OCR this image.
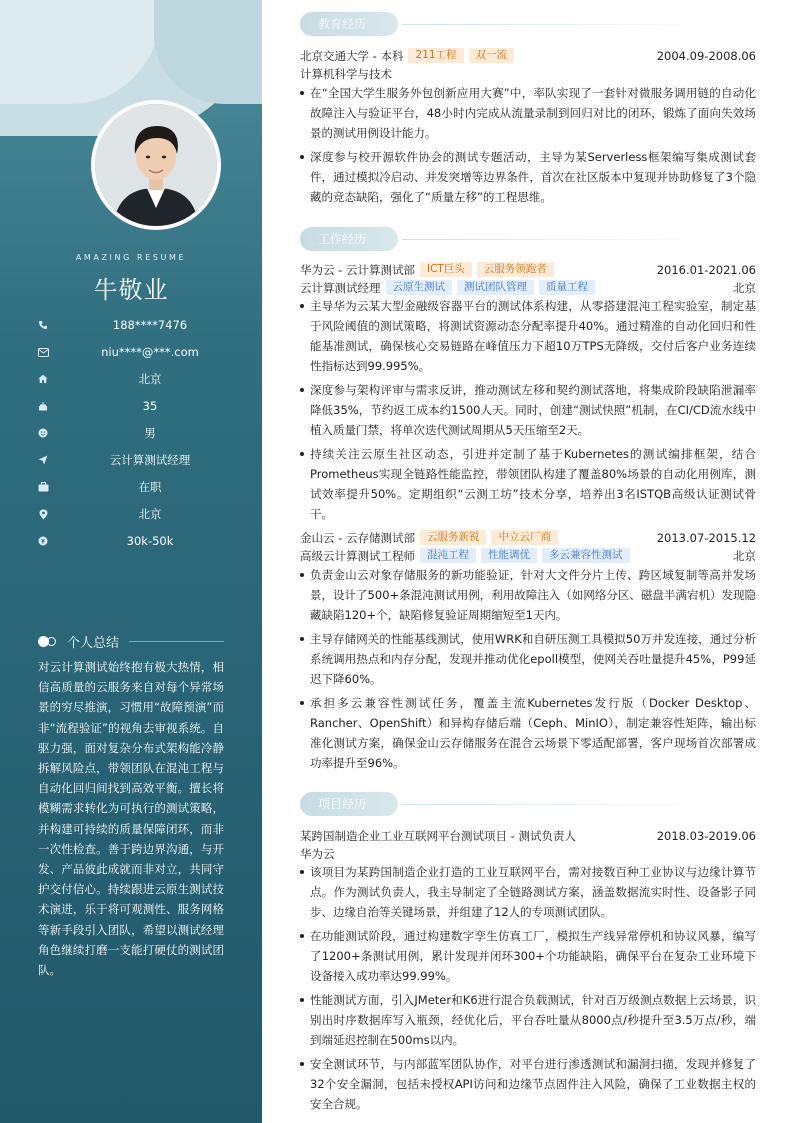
AMAZING RESUME
牛敬业
188****7476
niu****@***.com
北京
35
男
云计算测试经理
在职
北京
30k-50k
个人总结
对云计算测试始终抱有极大热情，相信高质量的云服务来自对每个异常场景的穷尽推演，习惯用“故障预演”而非“流程验证”的视角去审视系统。自驱力强，面对复杂分布式架构能冷静拆解风险点，带领团队在混沌工程与自动化回归间找到高效平衡。擅长将模糊需求转化为可执行的测试策略，并构建可持续的质量保障闭环，而非一次性检查。善于跨边界沟通，与开发、产品彼此成就而非对立，共同守护交付信心。持续跟进云原生测试技术演进，乐于将可观测性、服务网格等新手段引入团队，希望以测试经理角色继续打磨一支能打硬仗的测试团队。
教育经历
北京交通大学 - 本科	211工程	双一流	2004.09-2008.06
计算机科学与技术
在“全国大学生服务外包创新应用大赛”中，率队实现了一套针对微服务调用链的自动化故障注入与验证平台，48小时内完成从流量录制到回归对比的闭环，锻炼了面向失效场景的测试用例设计能力。
深度参与校开源软件协会的测试专题活动，主导为某Serverless框架编写集成测试套件，通过模拟冷启动、并发突增等边界条件，首次在社区版本中复现并协助修复了3个隐藏的竞态缺陷，强化了“质量左移”的工程思维。
工作经历
华为云 - 云计算测试部	ICT巨头	云服务领跑者	2016.01-2021.06
云计算测试经理	云原生测试	测试团队管理	质量工程	北京
主导华为云某大型金融级容器平台的测试体系构建，从零搭建混沌工程实验室，制定基于风险阈值的测试策略，将测试资源动态分配率提升40%。通过精准的自动化回归和性能基准测试，确保核心交易链路在峰值压力下超10万TPS无降级，交付后客户业务连续性指标达到99.995%。
深度参与架构评审与需求反讲，推动测试左移和契约测试落地，将集成阶段缺陷泄漏率降低35%，节约返工成本约1500人天。同时，创建“测试快照”机制，在CI/CD流水线中植入质量门禁，将单次迭代测试周期从5天压缩至2天。
持续关注云原生社区动态，引进并定制了基于Kubernetes的测试编排框架，结合Prometheus实现全链路性能监控，带领团队构建了覆盖80%场景的自动化用例库，测试效率提升50%。定期组织“云测工坊”技术分享，培养出3名ISTQB高级认证测试骨干。
金山云 - 云存储测试部	云服务新锐	中立云厂商	2013.07-2015.12
高级云计算测试工程师	混沌工程	性能调优	多云兼容性测试	北京
负责金山云对象存储服务的新功能验证，针对大文件分片上传、跨区域复制等高并发场景，设计了500+条混沌测试用例，利用故障注入（如网络分区、磁盘半满宕机）发现隐藏缺陷120+个，缺陷修复验证周期缩短至1天内。
主导存储网关的性能基线测试，使用WRK和自研压测工具模拟50万并发连接，通过分析系统调用热点和内存分配，发现并推动优化epoll模型，使网关吞吐量提升45%，P99延迟下降60%。
承担多云兼容性测试任务，覆盖主流Kubernetes发行版（Docker Desktop、Rancher、OpenShift）和异构存储后端（Ceph、MinIO），制定兼容性矩阵，输出标准化测试方案，确保金山云存储服务在混合云场景下零适配部署，客户现场首次部署成功率提升至96%。
项目经历
某跨国制造企业工业互联网平台测试项目 - 测试负责人	2018.03-2019.06
华为云
该项目为某跨国制造企业打造的工业互联网平台，需对接数百种工业协议与边缘计算节点。作为测试负责人，我主导制定了全链路测试方案，涵盖数据流实时性、设备影子同步、边缘自治等关键场景，并组建了12人的专项测试团队。
在功能测试阶段，通过构建数字孪生仿真工厂，模拟生产线异常停机和协议风暴，编写了1200+条测试用例，累计发现并闭环300+个功能缺陷，确保平台在复杂工业环境下设备接入成功率达99.99%。
性能测试方面，引入JMeter和K6进行混合负载测试，针对百万级测点数据上云场景，识别出时序数据库写入瓶颈，经优化后，平台吞吐量从8000点/秒提升至3.5万点/秒，端到端延迟控制在500ms以内。
安全测试环节，与内部蓝军团队协作，对平台进行渗透测试和漏洞扫描，发现并修复了32个安全漏洞，包括未授权API访问和边缘节点固件注入风险，确保了工业数据主权的安全合规。
